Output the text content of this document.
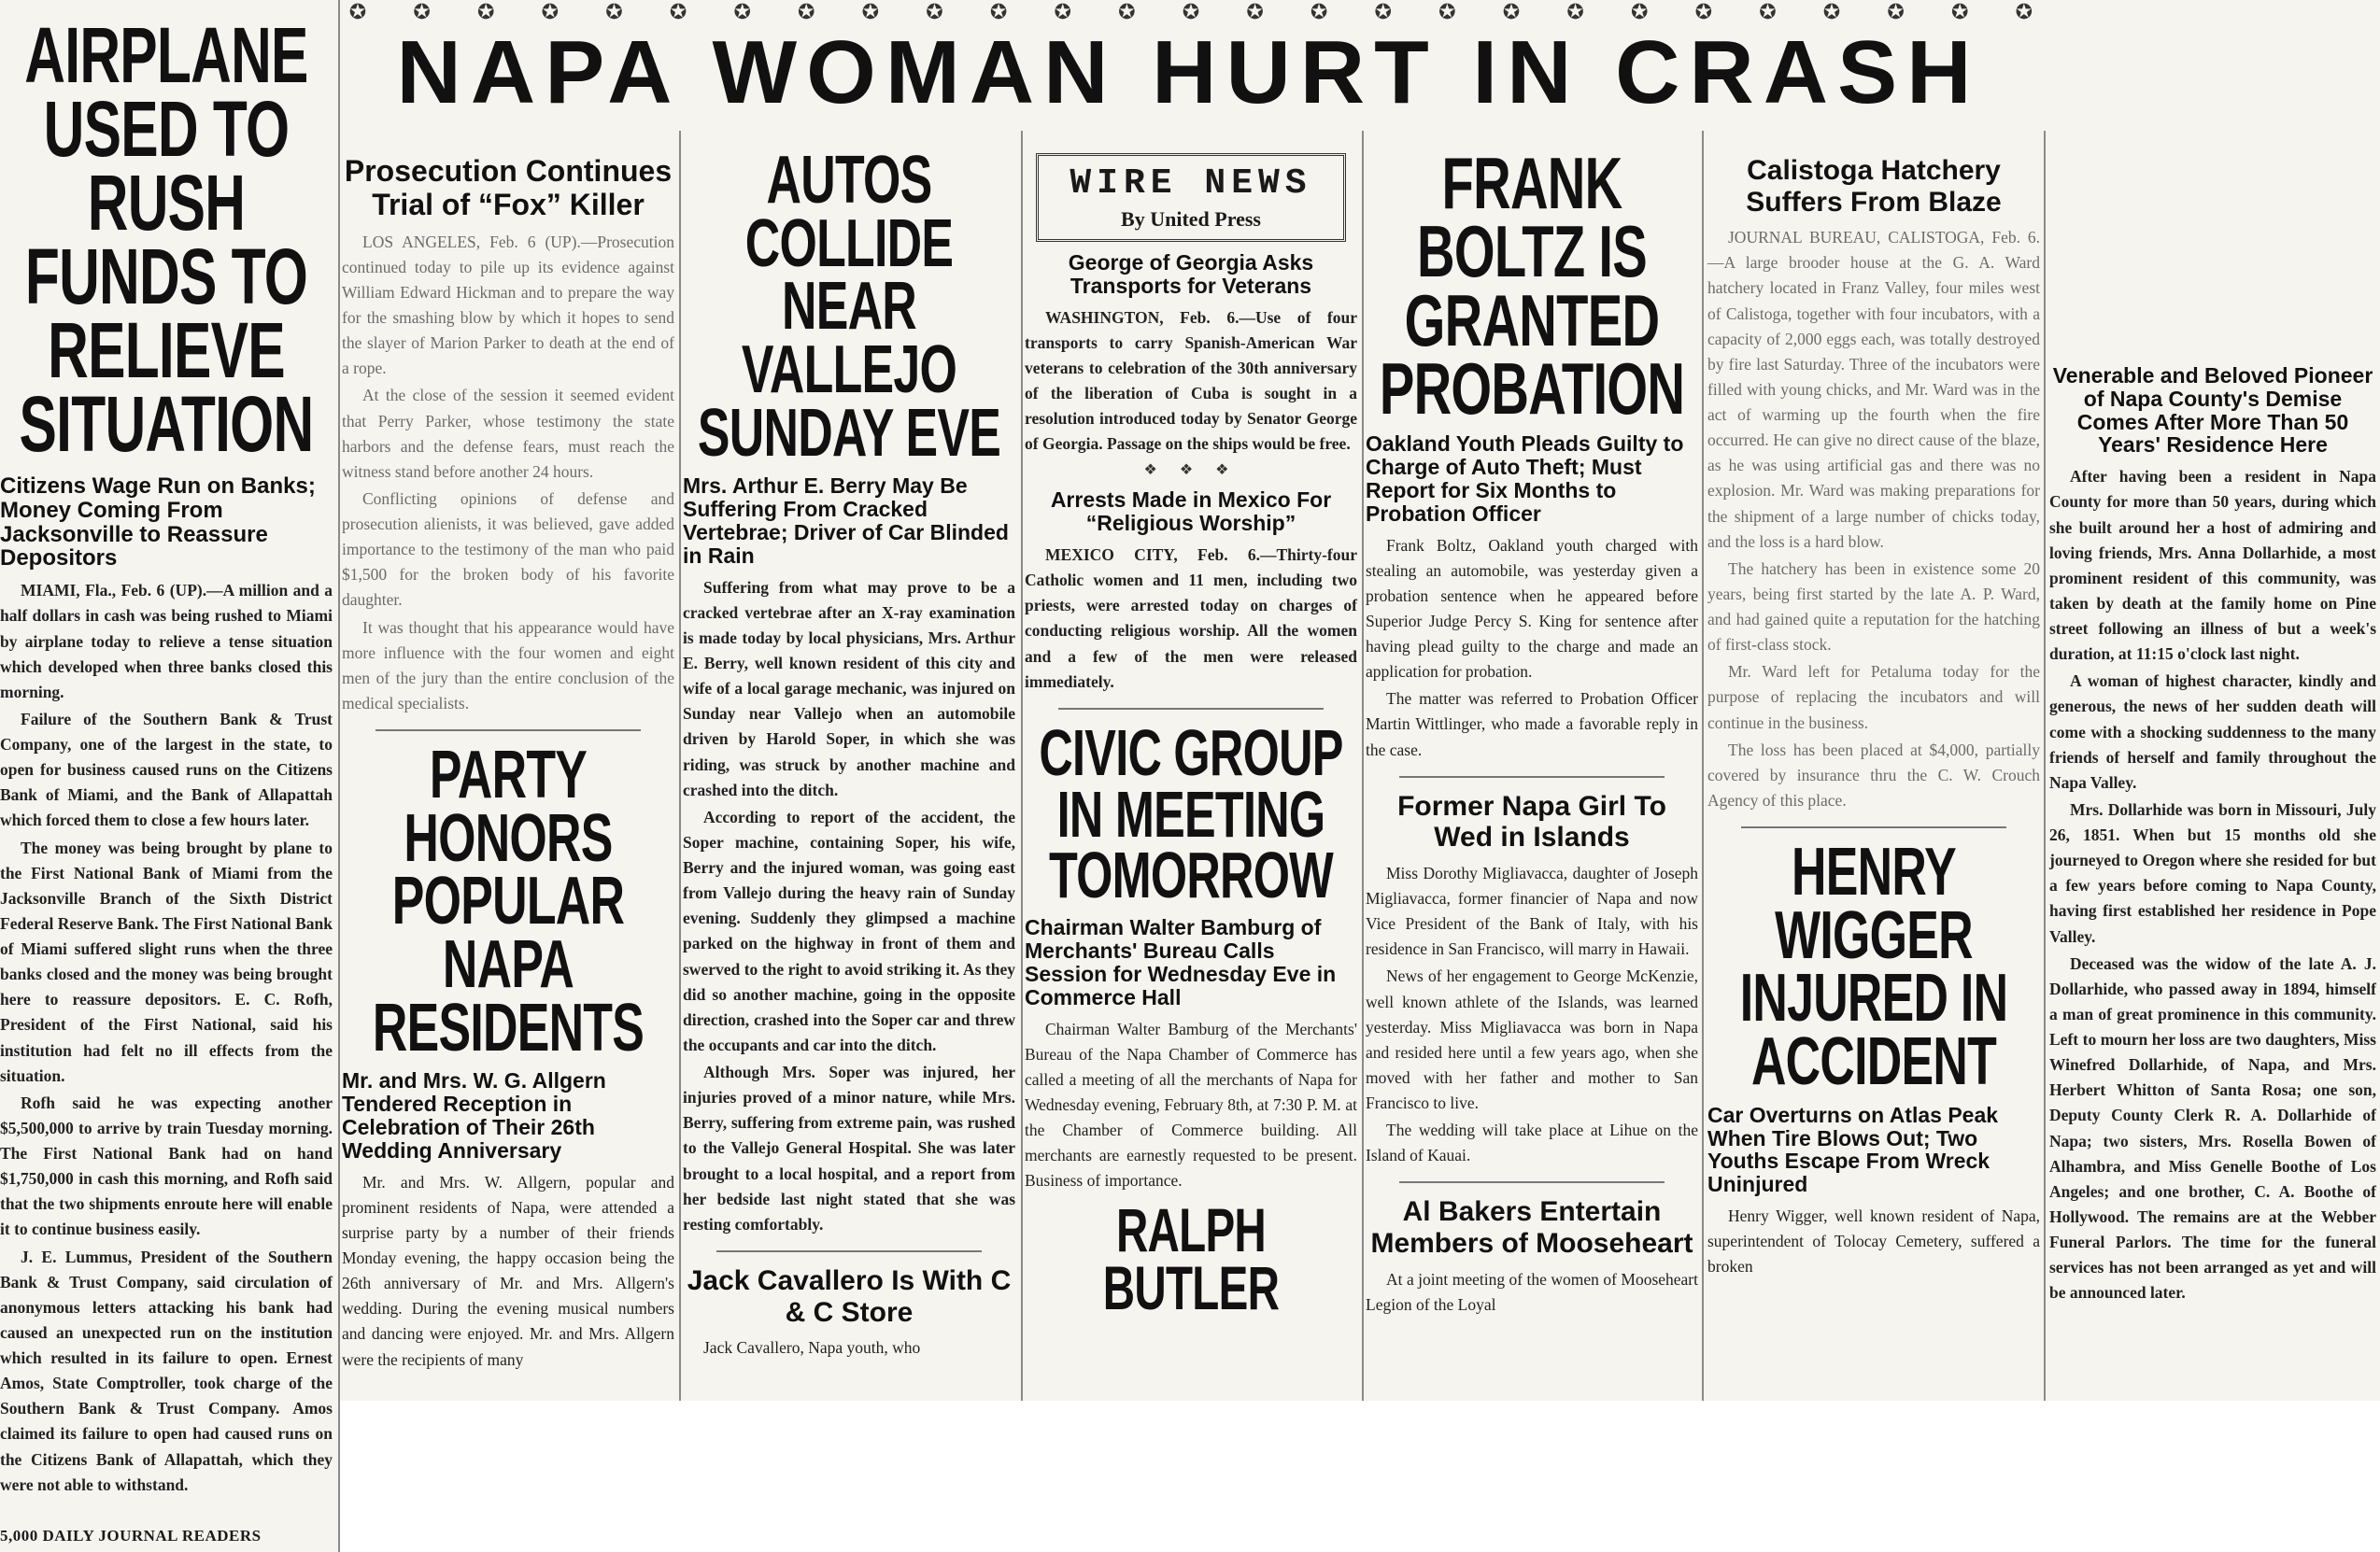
✪ ✪ ✪ ✪ ✪ ✪ ✪ ✪ ✪ ✪ ✪ ✪ ✪ ✪ ✪ ✪ ✪ ✪ ✪ ✪ ✪ ✪ ✪ ✪ ✪ ✪ ✪
NAPA WOMAN HURT IN CRASH
AIRPLANE USED TO RUSH FUNDS TO RELIEVE SITUATION
Citizens Wage Run on Banks; Money Coming From Jacksonville to Reassure Depositors

MIAMI, Fla., Feb. 6 (UP).—A million and a half dollars in cash was being rushed to Miami by airplane today to relieve a tense situation which developed when three banks closed this morning.

Failure of the Southern Bank & Trust Company, one of the largest in the state, to open for business caused runs on the Citizens Bank of Miami, and the Bank of Allapattah which forced them to close a few hours later.

The money was being brought by plane to the First National Bank of Miami from the Jacksonville Branch of the Sixth District Federal Reserve Bank. The First National Bank of Miami suffered slight runs when the three banks closed and the money was being brought here to reassure depositors. E. C. Rofh, President of the First National, said his institution had felt no ill effects from the situation.

Rofh said he was expecting another $5,500,000 to arrive by train Tuesday morning. The First National Bank had on hand $1,750,000 in cash this morning, and Rofh said that the two shipments enroute here will enable it to continue business easily.

J. E. Lummus, President of the Southern Bank & Trust Company, said circulation of anonymous letters attacking his bank had caused an unexpected run on the institution which resulted in its failure to open. Ernest Amos, State Comptroller, took charge of the Southern Bank & Trust Company. Amos claimed its failure to open had caused runs on the Citizens Bank of Allapattah, which they were not able to withstand.

5,000 DAILY JOURNAL READERS
Prosecution Continues Trial of “Fox” Killer

LOS ANGELES, Feb. 6 (UP).—Prosecution continued today to pile up its evidence against William Edward Hickman and to prepare the way for the smashing blow by which it hopes to send the slayer of Marion Parker to death at the end of a rope.

At the close of the session it seemed evident that Perry Parker, whose testimony the state harbors and the defense fears, must reach the witness stand before another 24 hours.

Conflicting opinions of defense and prosecution alienists, it was believed, gave added importance to the testimony of the man who paid $1,500 for the broken body of his favorite daughter.

It was thought that his appearance would have more influence with the four women and eight men of the jury than the entire conclusion of the medical specialists.

PARTY HONORS POPULAR NAPA RESIDENTS
Mr. and Mrs. W. G. Allgern Tendered Reception in Celebration of Their 26th Wedding Anniversary

Mr. and Mrs. W. Allgern, popular and prominent residents of Napa, were attended a surprise party by a number of their friends Monday evening, the happy occasion being the 26th anniversary of Mr. and Mrs. Allgern's wedding. During the evening musical numbers and dancing were enjoyed. Mr. and Mrs. Allgern were the recipients of many

AUTOS COLLIDE NEAR VALLEJO SUNDAY EVE
Mrs. Arthur E. Berry May Be Suffering From Cracked Vertebrae; Driver of Car Blinded in Rain

Suffering from what may prove to be a cracked vertebrae after an X-ray examination is made today by local physicians, Mrs. Arthur E. Berry, well known resident of this city and wife of a local garage mechanic, was injured on Sunday near Vallejo when an automobile driven by Harold Soper, in which she was riding, was struck by another machine and crashed into the ditch.

According to report of the accident, the Soper machine, containing Soper, his wife, Berry and the injured woman, was going east from Vallejo during the heavy rain of Sunday evening. Suddenly they glimpsed a machine parked on the highway in front of them and swerved to the right to avoid striking it. As they did so another machine, going in the opposite direction, crashed into the Soper car and threw the occupants and car into the ditch.

Although Mrs. Soper was injured, her injuries proved of a minor nature, while Mrs. Berry, suffering from extreme pain, was rushed to the Vallejo General Hospital. She was later brought to a local hospital, and a report from her bedside last night stated that she was resting comfortably.

Jack Cavallero Is With C & C Store

Jack Cavallero, Napa youth, who

WIRE NEWS
By United Press
George of Georgia Asks Transports for Veterans

WASHINGTON, Feb. 6.—Use of four transports to carry Spanish-American War veterans to celebration of the 30th anniversary of the liberation of Cuba is sought in a resolution introduced today by Senator George of Georgia. Passage on the ships would be free.

❖ ❖ ❖
Arrests Made in Mexico For “Religious Worship”

MEXICO CITY, Feb. 6.—Thirty-four Catholic women and 11 men, including two priests, were arrested today on charges of conducting religious worship. All the women and a few of the men were released immediately.

CIVIC GROUP IN MEETING TOMORROW
Chairman Walter Bamburg of Merchants' Bureau Calls Session for Wednesday Eve in Commerce Hall

Chairman Walter Bamburg of the Merchants' Bureau of the Napa Chamber of Commerce has called a meeting of all the merchants of Napa for Wednesday evening, February 8th, at 7:30 P. M. at the Chamber of Commerce building. All merchants are earnestly requested to be present. Business of importance.

RALPH BUTLER
FRANK BOLTZ IS GRANTED PROBATION
Oakland Youth Pleads Guilty to Charge of Auto Theft; Must Report for Six Months to Probation Officer

Frank Boltz, Oakland youth charged with stealing an automobile, was yesterday given a probation sentence when he appeared before Superior Judge Percy S. King for sentence after having plead guilty to the charge and made an application for probation.

The matter was referred to Probation Officer Martin Wittlinger, who made a favorable reply in the case.

Former Napa Girl To Wed in Islands

Miss Dorothy Migliavacca, daughter of Joseph Migliavacca, former financier of Napa and now Vice President of the Bank of Italy, with his residence in San Francisco, will marry in Hawaii.

News of her engagement to George McKenzie, well known athlete of the Islands, was learned yesterday. Miss Migliavacca was born in Napa and resided here until a few years ago, when she moved with her father and mother to San Francisco to live.

The wedding will take place at Lihue on the Island of Kauai.

Al Bakers Entertain Members of Mooseheart

At a joint meeting of the women of Mooseheart Legion of the Loyal

Calistoga Hatchery Suffers From Blaze

JOURNAL BUREAU, CALISTOGA, Feb. 6.—A large brooder house at the G. A. Ward hatchery located in Franz Valley, four miles west of Calistoga, together with four incubators, with a capacity of 2,000 eggs each, was totally destroyed by fire last Saturday. Three of the incubators were filled with young chicks, and Mr. Ward was in the act of warming up the fourth when the fire occurred. He can give no direct cause of the blaze, as he was using artificial gas and there was no explosion. Mr. Ward was making preparations for the shipment of a large number of chicks today, and the loss is a hard blow.

The hatchery has been in existence some 20 years, being first started by the late A. P. Ward, and had gained quite a reputation for the hatching of first-class stock.

Mr. Ward left for Petaluma today for the purpose of replacing the incubators and will continue in the business.

The loss has been placed at $4,000, partially covered by insurance thru the C. W. Crouch Agency of this place.

HENRY WIGGER INJURED IN ACCIDENT
Car Overturns on Atlas Peak When Tire Blows Out; Two Youths Escape From Wreck Uninjured

Henry Wigger, well known resident of Napa, superintendent of Tolocay Cemetery, suffered a broken

Venerable and Beloved Pioneer of Napa County's Demise Comes After More Than 50 Years' Residence Here

After having been a resident in Napa County for more than 50 years, during which she built around her a host of admiring and loving friends, Mrs. Anna Dollarhide, a most prominent resident of this community, was taken by death at the family home on Pine street following an illness of but a week's duration, at 11:15 o'clock last night.

A woman of highest character, kindly and generous, the news of her sudden death will come with a shocking suddenness to the many friends of herself and family throughout the Napa Valley.

Mrs. Dollarhide was born in Missouri, July 26, 1851. When but 15 months old she journeyed to Oregon where she resided for but a few years before coming to Napa County, having first established her residence in Pope Valley.

Deceased was the widow of the late A. J. Dollarhide, who passed away in 1894, himself a man of great prominence in this community. Left to mourn her loss are two daughters, Miss Winefred Dollarhide, of Napa, and Mrs. Herbert Whitton of Santa Rosa; one son, Deputy County Clerk R. A. Dollarhide of Napa; two sisters, Mrs. Rosella Bowen of Alhambra, and Miss Genelle Boothe of Los Angeles; and one brother, C. A. Boothe of Hollywood. The remains are at the Webber Funeral Parlors. The time for the funeral services has not been arranged as yet and will be announced later.
